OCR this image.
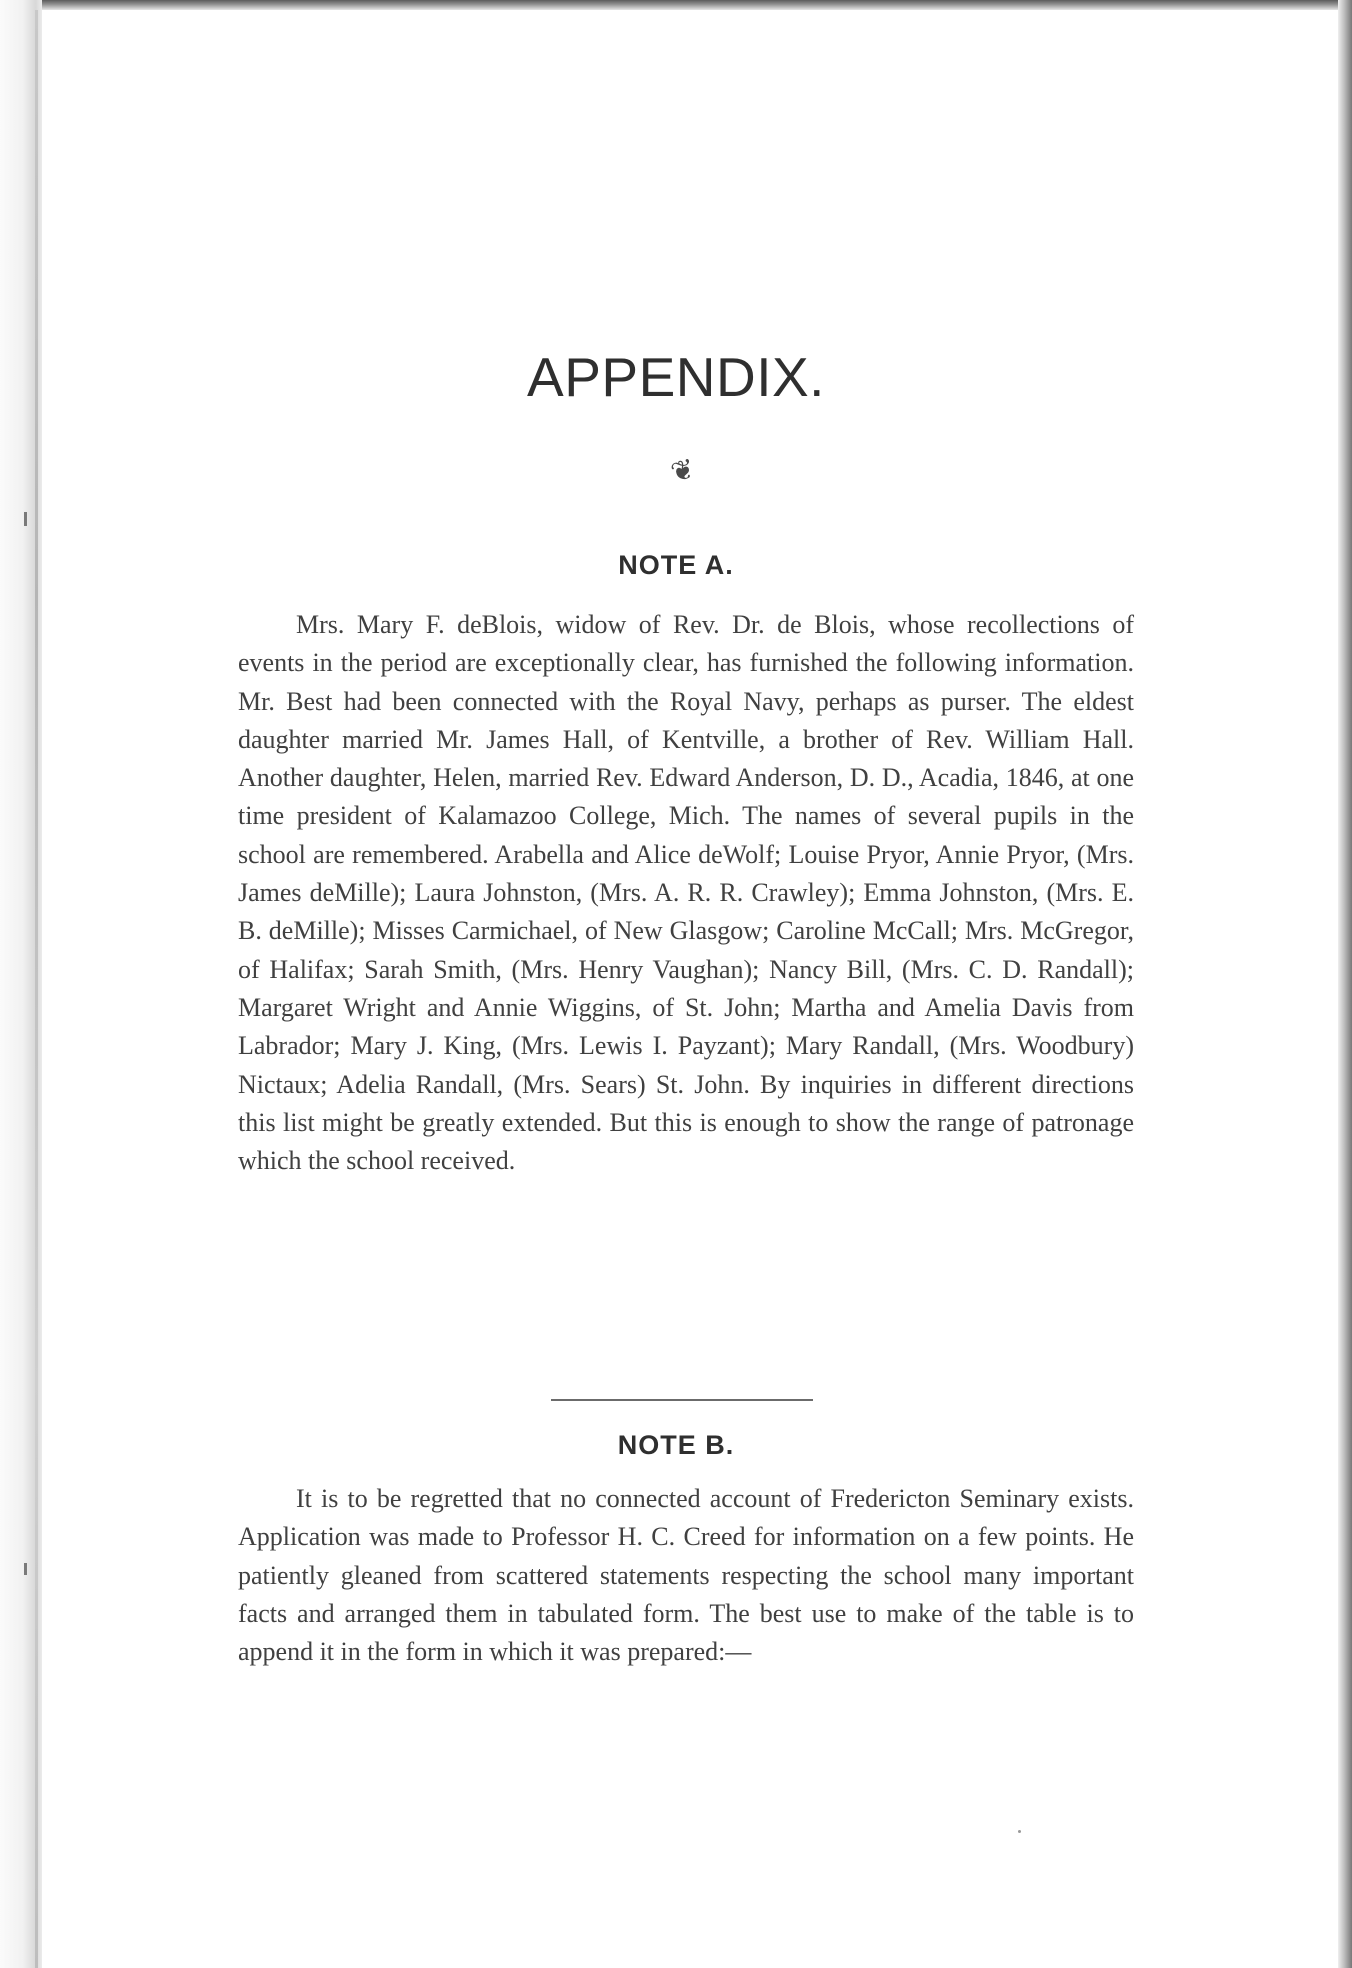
APPENDIX.
❦
NOTE A.

Mrs. Mary F. deBlois, widow of Rev. Dr. de Blois, whose recollections of events in the period are exceptionally clear, has furnished the following information. Mr. Best had been connected with the Royal Navy, perhaps as purser. The eldest daughter married Mr. James Hall, of Kentville, a brother of Rev. William Hall. Another daughter, Helen, married Rev. Edward Anderson, D. D., Acadia, 1846, at one time president of Kalamazoo College, Mich. The names of several pupils in the school are remembered. Arabella and Alice deWolf; Louise Pryor, Annie Pryor, (Mrs. James deMille); Laura Johnston, (Mrs. A. R. R. Crawley); Emma Johnston, (Mrs. E. B. deMille); Misses Carmichael, of New Glasgow; Caroline McCall; Mrs. McGregor, of Halifax; Sarah Smith, (Mrs. Henry Vaughan); Nancy Bill, (Mrs. C. D. Randall); Margaret Wright and Annie Wiggins, of St. John; Martha and Amelia Davis from Labrador; Mary J. King, (Mrs. Lewis I. Payzant); Mary Randall, (Mrs. Woodbury) Nictaux; Adelia Randall, (Mrs. Sears) St. John. By inquiries in different directions this list might be greatly extended. But this is enough to show the range of patronage which the school received.

NOTE B.

It is to be regretted that no connected account of Fredericton Seminary exists. Application was made to Professor H. C. Creed for information on a few points. He patiently gleaned from scattered statements respecting the school many important facts and arranged them in tabulated form. The best use to make of the table is to append it in the form in which it was prepared:—
